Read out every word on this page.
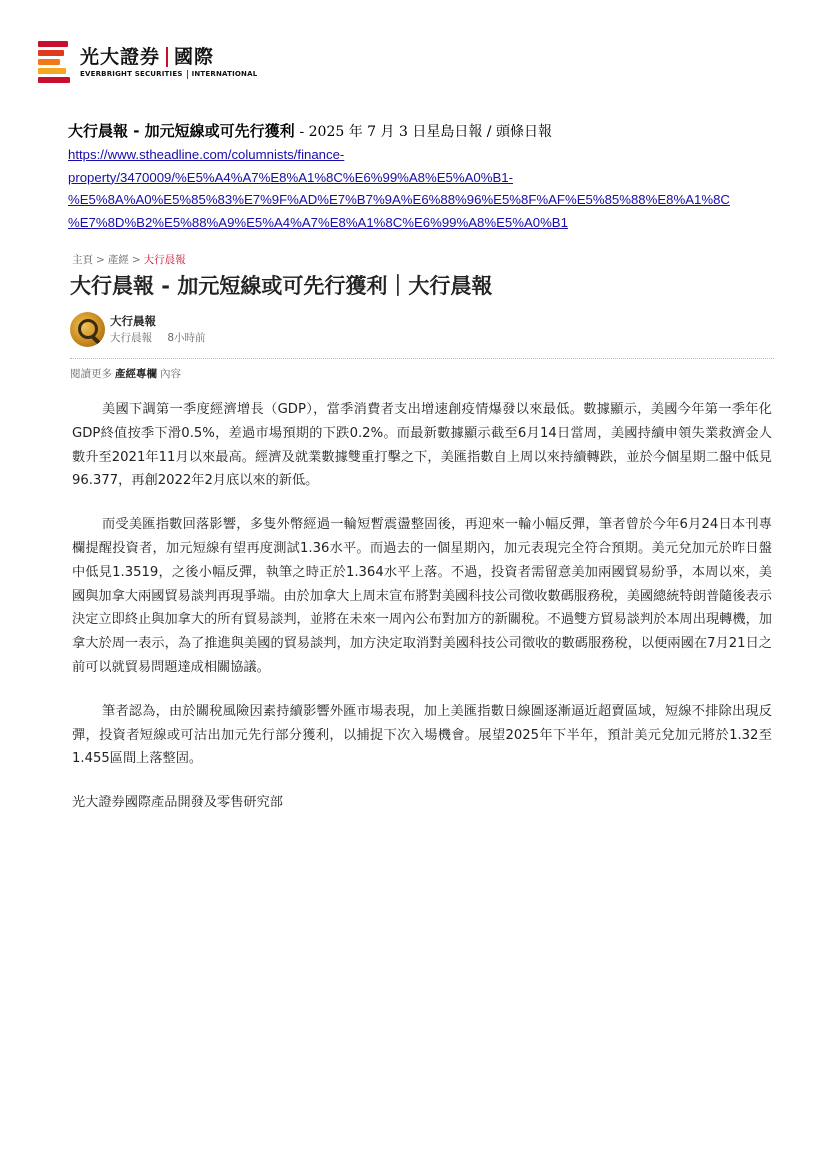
光大證券 國際
EVERBRIGHT SECURITIES INTERNATIONAL
大行晨報 - 加元短線或可先行獲利 - 2025 年 7 月 3 日星島日報 / 頭條日報
https://www.stheadline.com/columnists/finance-
property/3470009/%E5%A4%A7%E8%A1%8C%E6%99%A8%E5%A0%B1-
%E5%8A%A0%E5%85%83%E7%9F%AD%E7%B7%9A%E6%88%96%E5%8F%AF%E5%85%88%E8%A1%8C
%E7%8D%B2%E5%88%A9%E5%A4%A7%E8%A1%8C%E6%99%A8%E5%A0%B1
主頁 > 產經 > 大行晨報
大行晨報 - 加元短線或可先行獲利｜大行晨報
大行晨報
大行晨報 8小時前
閱讀更多 產經專欄 內容

美國下調第一季度經濟增長（GDP），當季消費者支出增速創疫情爆發以來最低。數據顯示，美國今年第一季年化GDP終值按季下滑0.5%，差過市場預期的下跌0.2%。而最新數據顯示截至6月14日當周，美國持續申領失業救濟金人數升至2021年11月以來最高。經濟及就業數據雙重打擊之下，美匯指數自上周以來持續轉跌，並於今個星期二盤中低見96.377，再創2022年2月底以來的新低。

而受美匯指數回落影響，多隻外幣經過一輪短暫震盪整固後，再迎來一輪小幅反彈，筆者曾於今年6月24日本刊專欄提醒投資者，加元短線有望再度測試1.36水平。而過去的一個星期內，加元表現完全符合預期。美元兌加元於昨日盤中低見1.3519，之後小幅反彈，執筆之時正於1.364水平上落。不過，投資者需留意美加兩國貿易紛爭，本周以來，美國與加拿大兩國貿易談判再現爭端。由於加拿大上周末宣布將對美國科技公司徵收數碼服務稅，美國總統特朗普隨後表示決定立即終止與加拿大的所有貿易談判，並將在未來一周內公布對加方的新關稅。不過雙方貿易談判於本周出現轉機，加拿大於周一表示，為了推進與美國的貿易談判，加方決定取消對美國科技公司徵收的數碼服務稅，以便兩國在7月21日之前可以就貿易問題達成相關協議。

筆者認為，由於關稅風險因素持續影響外匯市場表現，加上美匯指數日線圖逐漸逼近超賣區域，短線不排除出現反彈，投資者短線或可沽出加元先行部分獲利，以捕捉下次入場機會。展望2025年下半年，預計美元兌加元將於1.32至1.455區間上落整固。

光大證券國際產品開發及零售研究部
